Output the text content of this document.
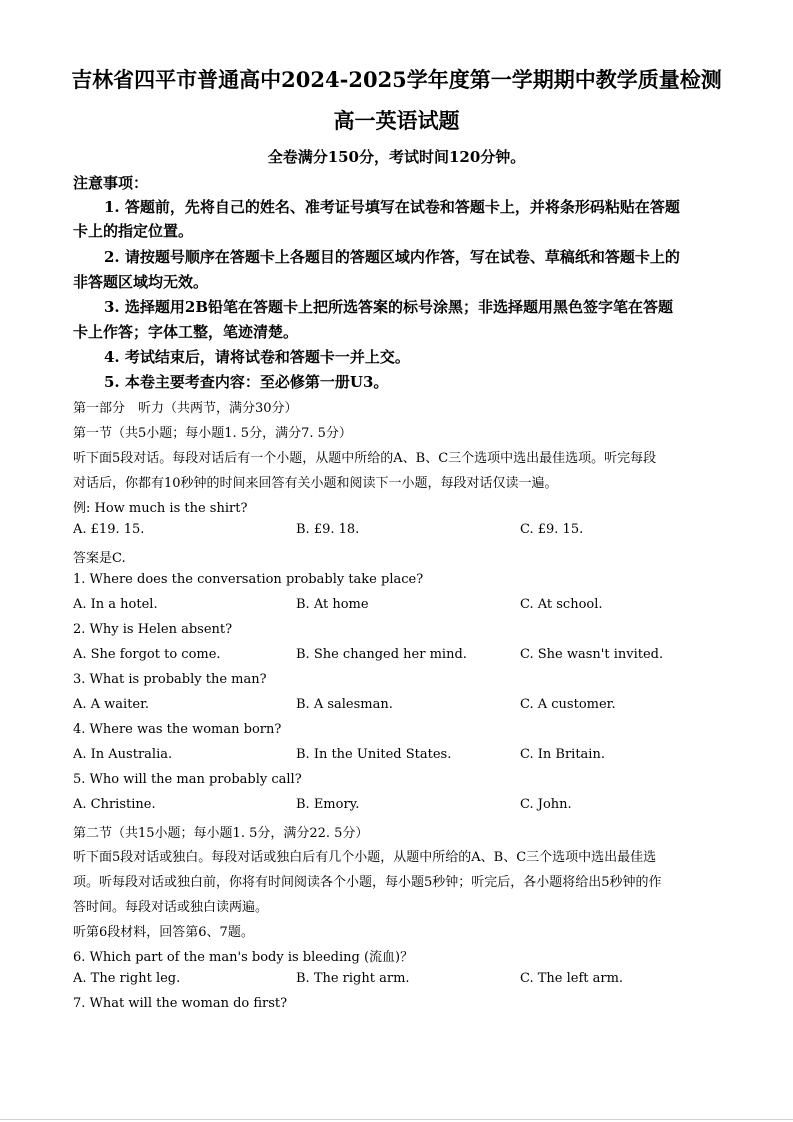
吉林省四平市普通高中2024-2025学年度第一学期期中教学质量检测
高一英语试题
全卷满分150分，考试时间120分钟。
注意事项：
1. 答题前，先将自己的姓名、准考证号填写在试卷和答题卡上，并将条形码粘贴在答题
卡上的指定位置。
2. 请按题号顺序在答题卡上各题目的答题区域内作答，写在试卷、草稿纸和答题卡上的
非答题区域均无效。
3. 选择题用2B铅笔在答题卡上把所选答案的标号涂黑；非选择题用黑色签字笔在答题
卡上作答；字体工整，笔迹清楚。
4. 考试结束后，请将试卷和答题卡一并上交。
5. 本卷主要考查内容：至必修第一册U3。
第一部分　听力（共两节，满分30分）
第一节（共5小题；每小题1. 5分，满分7. 5分）
听下面5段对话。每段对话后有一个小题，从题中所给的A、B、C三个选项中选出最佳选项。听完每段
对话后，你都有10秒钟的时间来回答有关小题和阅读下一小题，每段对话仅读一遍。
例: How much is the shirt?
A. £19. 15.	B. £9. 18.	C. £9. 15.
答案是C.
1. Where does the conversation probably take place?
A. In a hotel.	B. At home	C. At school.
2. Why is Helen absent?
A. She forgot to come.	B. She changed her mind.	C. She wasn't invited.
3. What is probably the man?
A. A waiter.	B. A salesman.	C. A customer.
4. Where was the woman born?
A. In Australia.	B. In the United States.	C. In Britain.
5. Who will the man probably call?
A. Christine.	B. Emory.	C. John.
第二节（共15小题；每小题1. 5分，满分22. 5分）
听下面5段对话或独白。每段对话或独白后有几个小题，从题中所给的A、B、C三个选项中选出最佳选
项。听每段对话或独白前，你将有时间阅读各个小题，每小题5秒钟；听完后，各小题将给出5秒钟的作
答时间。每段对话或独白读两遍。
听第6段材料，回答第6、7题。
6. Which part of the man's body is bleeding (流血)？
A. The right leg.	B. The right arm.	C. The left arm.
7. What will the woman do first?
